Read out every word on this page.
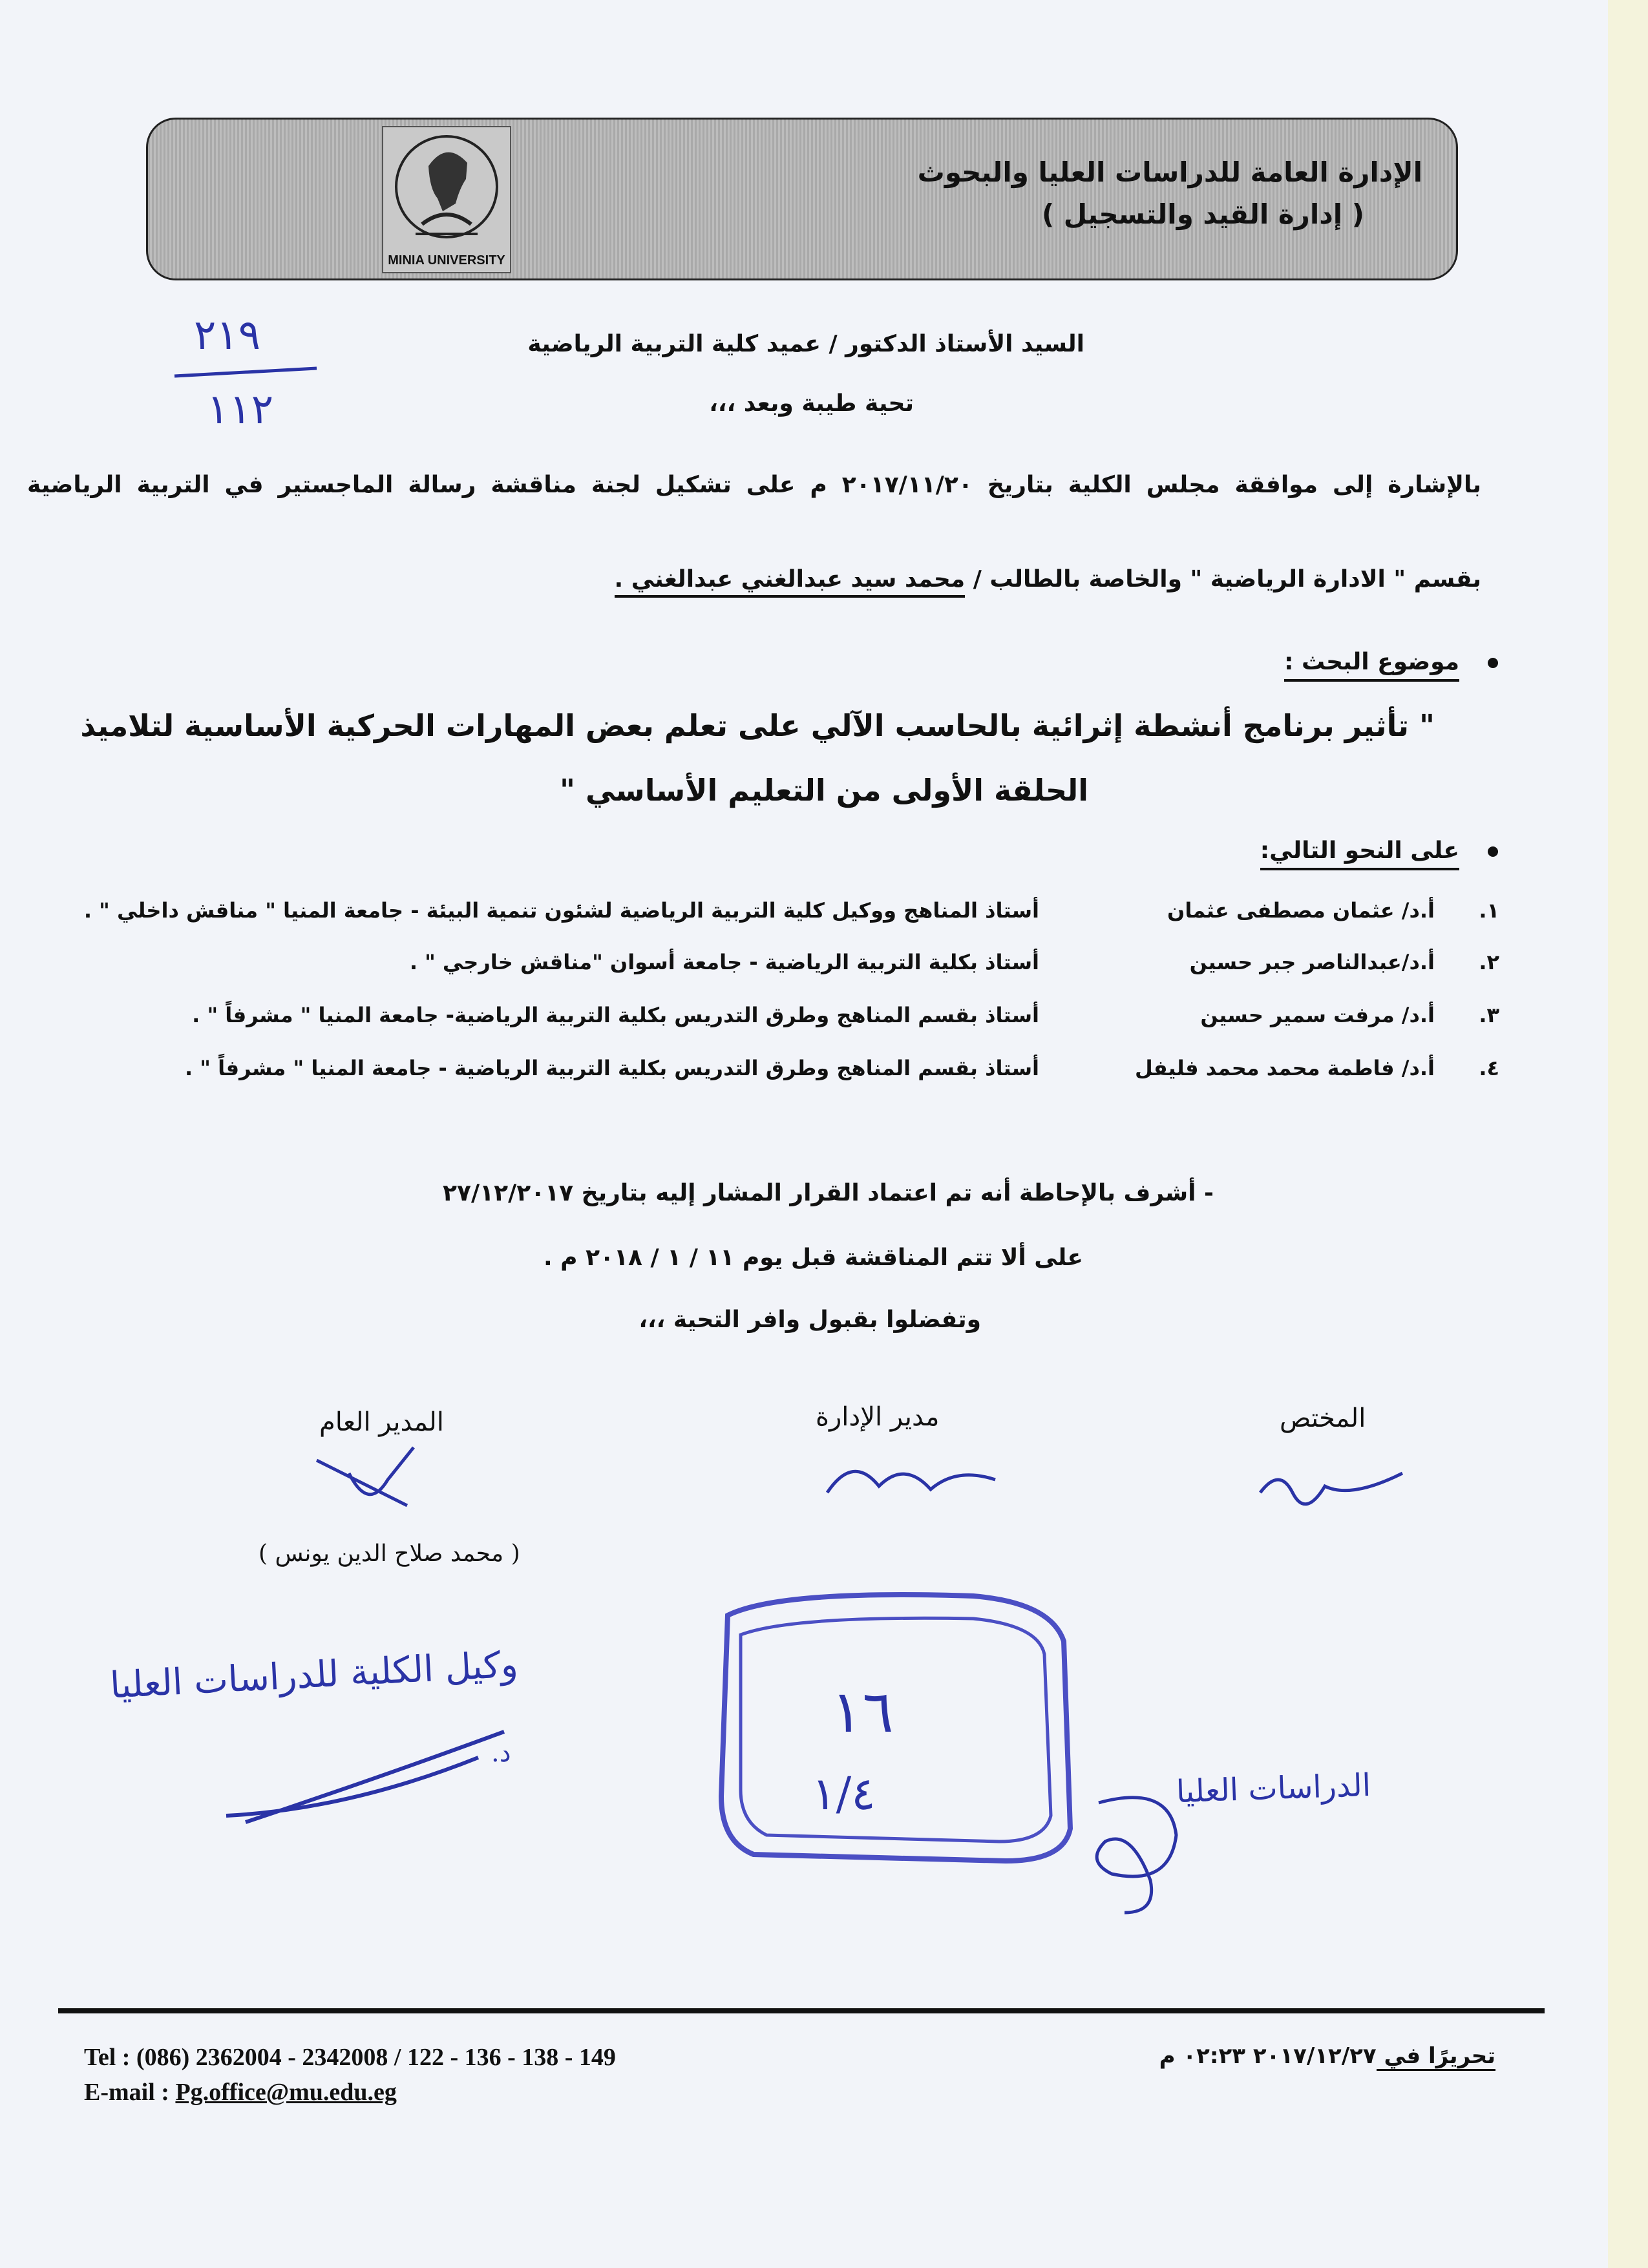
MINIA UNIVERSITY
الإدارة العامة للدراسات العليا والبحوث
( إدارة القيد والتسجيل )
٢١٩
١١٢
السيد الأستاذ الدكتور / عميد كلية التربية الرياضية
تحية طيبة وبعد ،،،
بالإشارة إلى موافقة مجلس الكلية بتاريخ ٢٠١٧/١١/٢٠ م على تشكيل لجنة مناقشة رسالة الماجستير في التربية الرياضية
بقسم " الادارة الرياضية " والخاصة بالطالب / محمد سيد عبدالغني عبدالغني .
موضوع البحث :
" تأثير برنامج أنشطة إثرائية بالحاسب الآلي على تعلم بعض المهارات الحركية الأساسية لتلاميذ
الحلقة الأولى من التعليم الأساسي "
على النحو التالي:
١.
أ.د/ عثمان مصطفى عثمان
أستاذ المناهج ووكيل كلية التربية الرياضية لشئون تنمية البيئة - جامعة المنيا " مناقش داخلي " .
٢.
أ.د/عبدالناصر جبر حسين
أستاذ بكلية التربية الرياضية - جامعة أسوان "مناقش خارجي " .
٣.
أ.د/ مرفت سمير حسين
أستاذ بقسم المناهج وطرق التدريس بكلية التربية الرياضية- جامعة المنيا " مشرفاً " .
٤.
أ.د/ فاطمة محمد محمد فليفل
أستاذ بقسم المناهج وطرق التدريس بكلية التربية الرياضية - جامعة المنيا " مشرفاً " .
- أشرف بالإحاطة أنه تم اعتماد القرار المشار إليه بتاريخ ٢٧/١٢/٢٠١٧
على ألا تتم المناقشة قبل يوم ١١ / ١ / ٢٠١٨ م .
وتفضلوا بقبول وافر التحية ،،،
المختص
مدير الإدارة
المدير العام
( محمد صلاح الدين يونس )
وكيل الكلية للدراسات العليا
د.
١٦
١/٤	الدراسات العليا
Tel : (086) 2362004 - 2342008 / 122 - 136 - 138 - 149
E-mail : Pg.office@mu.edu.eg
تحريرًا في ٢٠١٧/١٢/٢٧ ٠٢:٢٣ م
